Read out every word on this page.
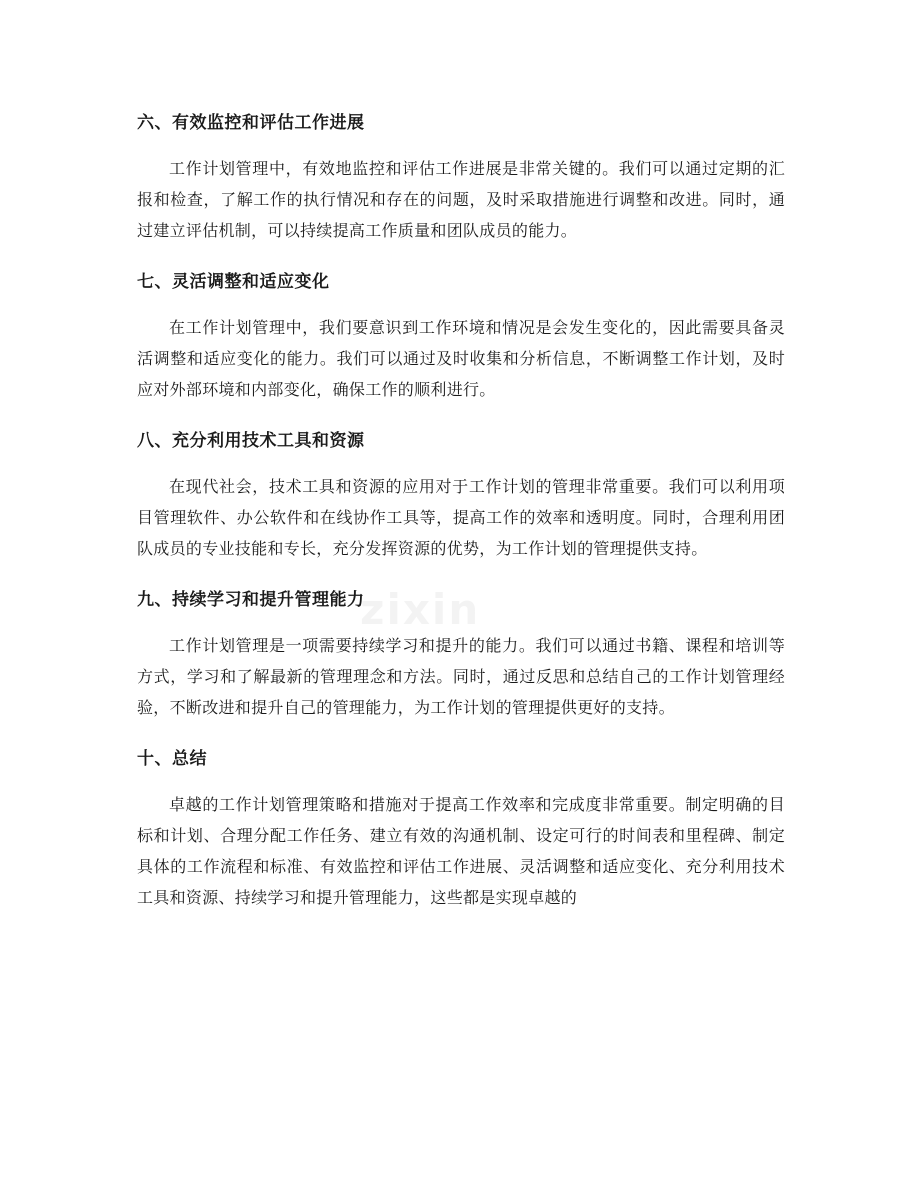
六、有效监控和评估工作进展

工作计划管理中，有效地监控和评估工作进展是非常关键的。我们可以通过定期的汇报和检查，了解工作的执行情况和存在的问题，及时采取措施进行调整和改进。同时，通过建立评估机制，可以持续提高工作质量和团队成员的能力。

七、灵活调整和适应变化

在工作计划管理中，我们要意识到工作环境和情况是会发生变化的，因此需要具备灵活调整和适应变化的能力。我们可以通过及时收集和分析信息，不断调整工作计划，及时应对外部环境和内部变化，确保工作的顺利进行。

八、充分利用技术工具和资源

在现代社会，技术工具和资源的应用对于工作计划的管理非常重要。我们可以利用项目管理软件、办公软件和在线协作工具等，提高工作的效率和透明度。同时，合理利用团队成员的专业技能和专长，充分发挥资源的优势，为工作计划的管理提供支持。

九、持续学习和提升管理能力

工作计划管理是一项需要持续学习和提升的能力。我们可以通过书籍、课程和培训等方式，学习和了解最新的管理理念和方法。同时，通过反思和总结自己的工作计划管理经验，不断改进和提升自己的管理能力，为工作计划的管理提供更好的支持。

十、总结

卓越的工作计划管理策略和措施对于提高工作效率和完成度非常重要。制定明确的目标和计划、合理分配工作任务、建立有效的沟通机制、设定可行的时间表和里程碑、制定具体的工作流程和标准、有效监控和评估工作进展、灵活调整和适应变化、充分利用技术工具和资源、持续学习和提升管理能力，这些都是实现卓越的
